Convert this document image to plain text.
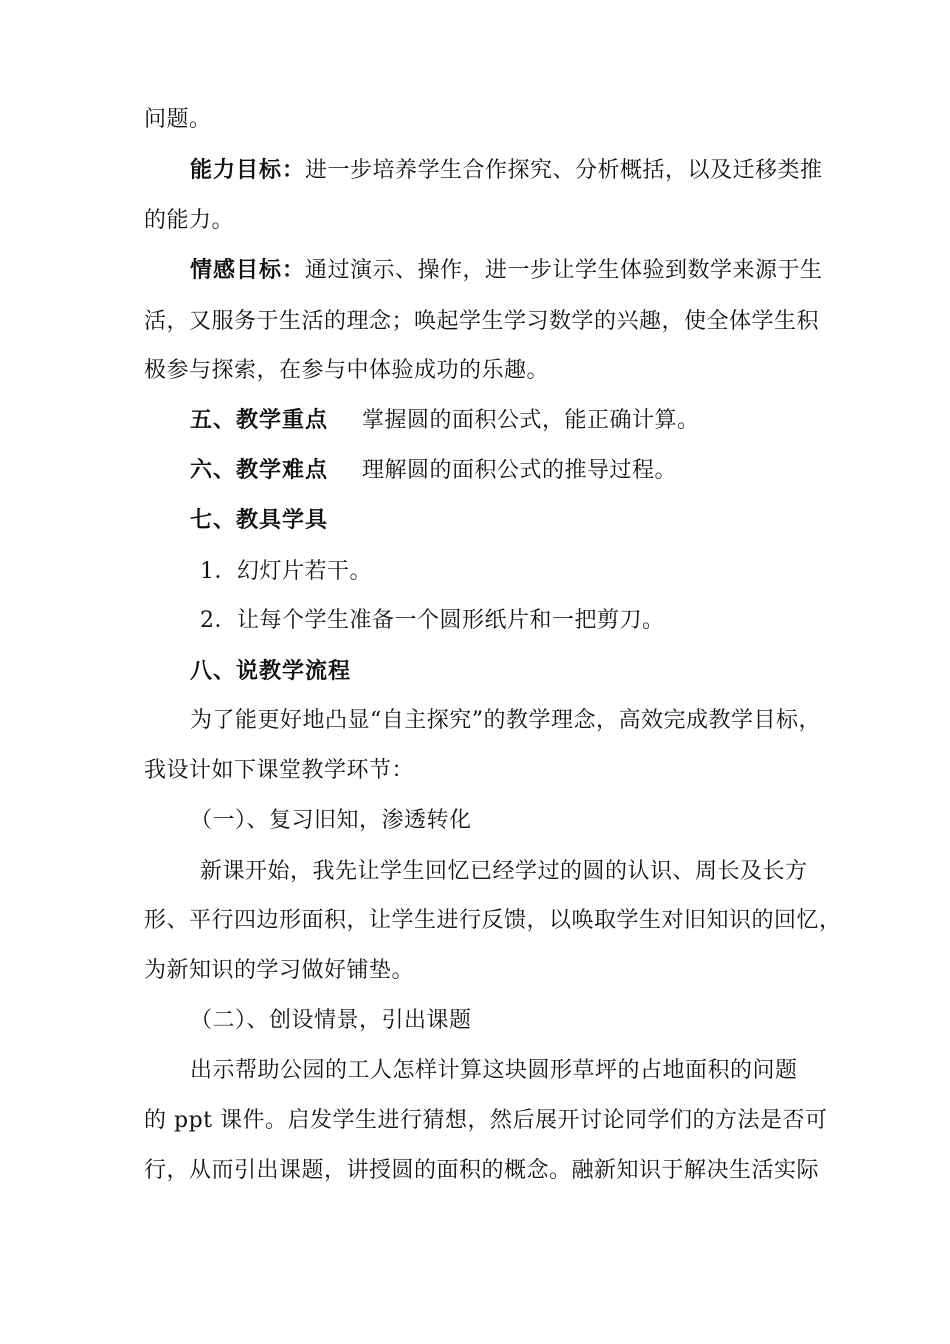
问题。
能力目标：进一步培养学生合作探究、分析概括，以及迁移类推
的能力。
情感目标：通过演示、操作，进一步让学生体验到数学来源于生
活，又服务于生活的理念；唤起学生学习数学的兴趣，使全体学生积
极参与探索，在参与中体验成功的乐趣。
五、教学重点 掌握圆的面积公式，能正确计算。
六、教学难点 理解圆的面积公式的推导过程。
七、教具学具
1．幻灯片若干。
2．让每个学生准备一个圆形纸片和一把剪刀。
八、说教学流程
为了能更好地凸显“自主探究”的教学理念，高效完成教学目标，
我设计如下课堂教学环节：
（一）、复习旧知，渗透转化
新课开始，我先让学生回忆已经学过的圆的认识、周长及长方
形、平行四边形面积，让学生进行反馈，以唤取学生对旧知识的回忆，
为新知识的学习做好铺垫。
（二）、创设情景，引出课题
出示帮助公园的工人怎样计算这块圆形草坪的占地面积的问题
的 ppt 课件。启发学生进行猜想，然后展开讨论同学们的方法是否可
行，从而引出课题，讲授圆的面积的概念。融新知识于解决生活实际
